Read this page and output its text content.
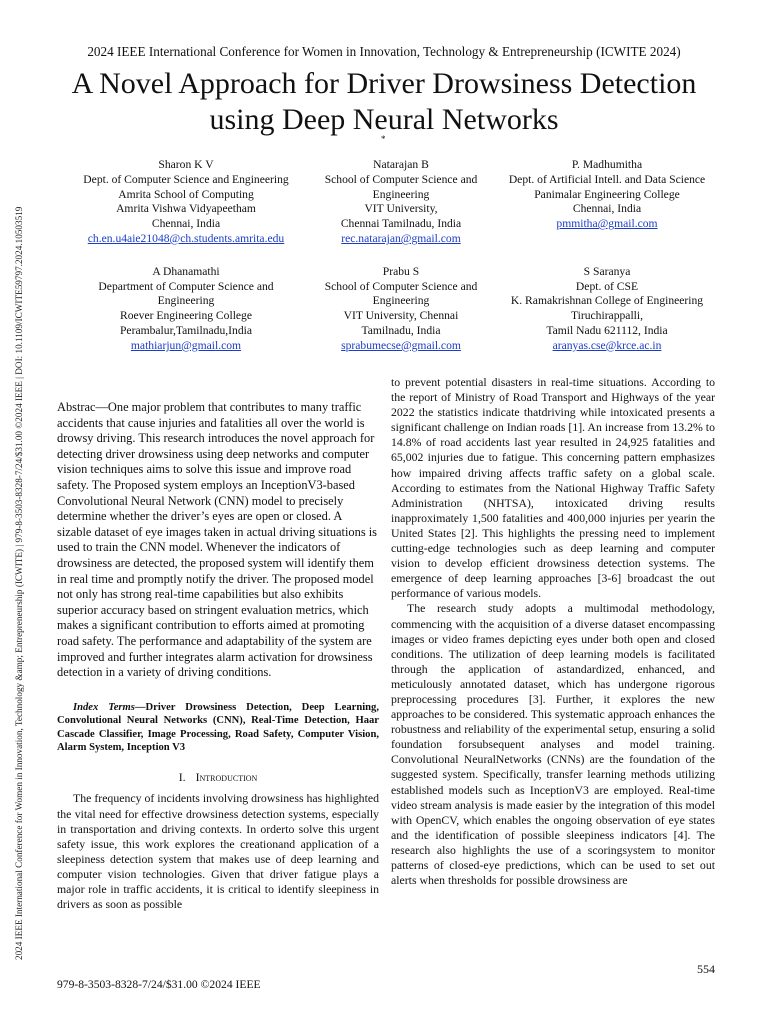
2024 IEEE International Conference for Women in Innovation, Technology &amp; Entrepreneurship (ICWITE) | 979-8-3503-8328-7/24/$31.00 ©2024 IEEE | DOI: 10.1109/ICWITE59797.2024.10503519
2024 IEEE International Conference for Women in Innovation, Technology & Entrepreneurship (ICWITE 2024)
A Novel Approach for Driver Drowsiness Detection using Deep Neural Networks
*
Sharon K V
Dept. of Computer Science and Engineering
Amrita School of Computing
Amrita Vishwa Vidyapeetham
Chennai, India
ch.en.u4aie21048@ch.students.amrita.edu
Natarajan B
School of Computer Science and
Engineering
VIT University,
Chennai Tamilnadu, India
rec.natarajan@gmail.com
P. Madhumitha
Dept. of Artificial Intell. and Data Science
Panimalar Engineering College
Chennai, India
pmmitha@gmail.com
A Dhanamathi
Department of Computer Science and
Engineering
Roever Engineering College
Perambalur,Tamilnadu,India
mathiarjun@gmail.com
Prabu S
School of Computer Science and
Engineering
VIT University, Chennai
Tamilnadu, India
sprabumecse@gmail.com
S Saranya
Dept. of CSE
K. Ramakrishnan College of Engineering
Tiruchirappalli,
Tamil Nadu 621112, India
aranyas.cse@krce.ac.in

Abstrac—One major problem that contributes to many traffic accidents that cause injuries and fatalities all over the world is drowsy driving. This research introduces the novel approach for detecting driver drowsiness using deep networks and computer vision techniques aims to solve this issue and improve road safety. The Proposed system employs an InceptionV3-based Convolutional Neural Network (CNN) model to precisely determine whether the driver’s eyes are open or closed. A sizable dataset of eye images taken in actual driving situations is used to train the CNN model. Whenever the indicators of drowsiness are detected, the proposed system will identify them in real time and promptly notify the driver. The proposed model not only has strong real-time capabilities but also exhibits superior accuracy based on stringent evaluation metrics, which makes a significant contribution to efforts aimed at promoting road safety. The performance and adaptability of the system are improved and further integrates alarm activation for drowsiness detection in a variety of driving conditions.

Index Terms—Driver Drowsiness Detection, Deep Learning, Convolutional Neural Networks (CNN), Real-Time Detection, Haar Cascade Classifier, Image Processing, Road Safety, Computer Vision, Alarm System, Inception V3

I. Introduction

The frequency of incidents involving drowsiness has highlighted the vital need for effective drowsiness detection systems, especially in transportation and driving contexts. In orderto solve this urgent safety issue, this work explores the creationand application of a sleepiness detection system that makes use of deep learning and computer vision technologies. Given that driver fatigue plays a major role in traffic accidents, it is critical to identify sleepiness in drivers as soon as possible

to prevent potential disasters in real-time situations. According to the report of Ministry of Road Transport and Highways of the year 2022 the statistics indicate thatdriving while intoxicated presents a significant challenge on Indian roads [1]. An increase from 13.2% to 14.8% of road accidents last year resulted in 24,925 fatalities and 65,002 injuries due to fatigue. This concerning pattern emphasizes how impaired driving affects traffic safety on a global scale. According to estimates from the National Highway Traffic Safety Administration (NHTSA), intoxicated driving results inapproximately 1,500 fatalities and 400,000 injuries per yearin the United States [2]. This highlights the pressing need to implement cutting-edge technologies such as deep learning and computer vision to develop efficient drowsiness detection systems. The emergence of deep learning approaches [3-6] broadcast the out performance of various models.

The research study adopts a multimodal methodology, commencing with the acquisition of a diverse dataset encompassing images or video frames depicting eyes under both open and closed conditions. The utilization of deep learning models is facilitated through the application of astandardized, enhanced, and meticulously annotated dataset, which has undergone rigorous preprocessing procedures [3]. Further, it explores the new approaches to be considered. This systematic approach enhances the robustness and reliability of the experimental setup, ensuring a solid foundation forsubsequent analyses and model training. Convolutional NeuralNetworks (CNNs) are the foundation of the suggested system. Specifically, transfer learning methods utilizing established models such as InceptionV3 are employed. Real-time video stream analysis is made easier by the integration of this model with OpenCV, which enables the ongoing observation of eye states and the identification of possible sleepiness indicators [4]. The research also highlights the use of a scoringsystem to monitor patterns of closed-eye predictions, which can be used to set out alerts when thresholds for possible drowsiness are

554
979-8-3503-8328-7/24/$31.00 ©2024 IEEE
